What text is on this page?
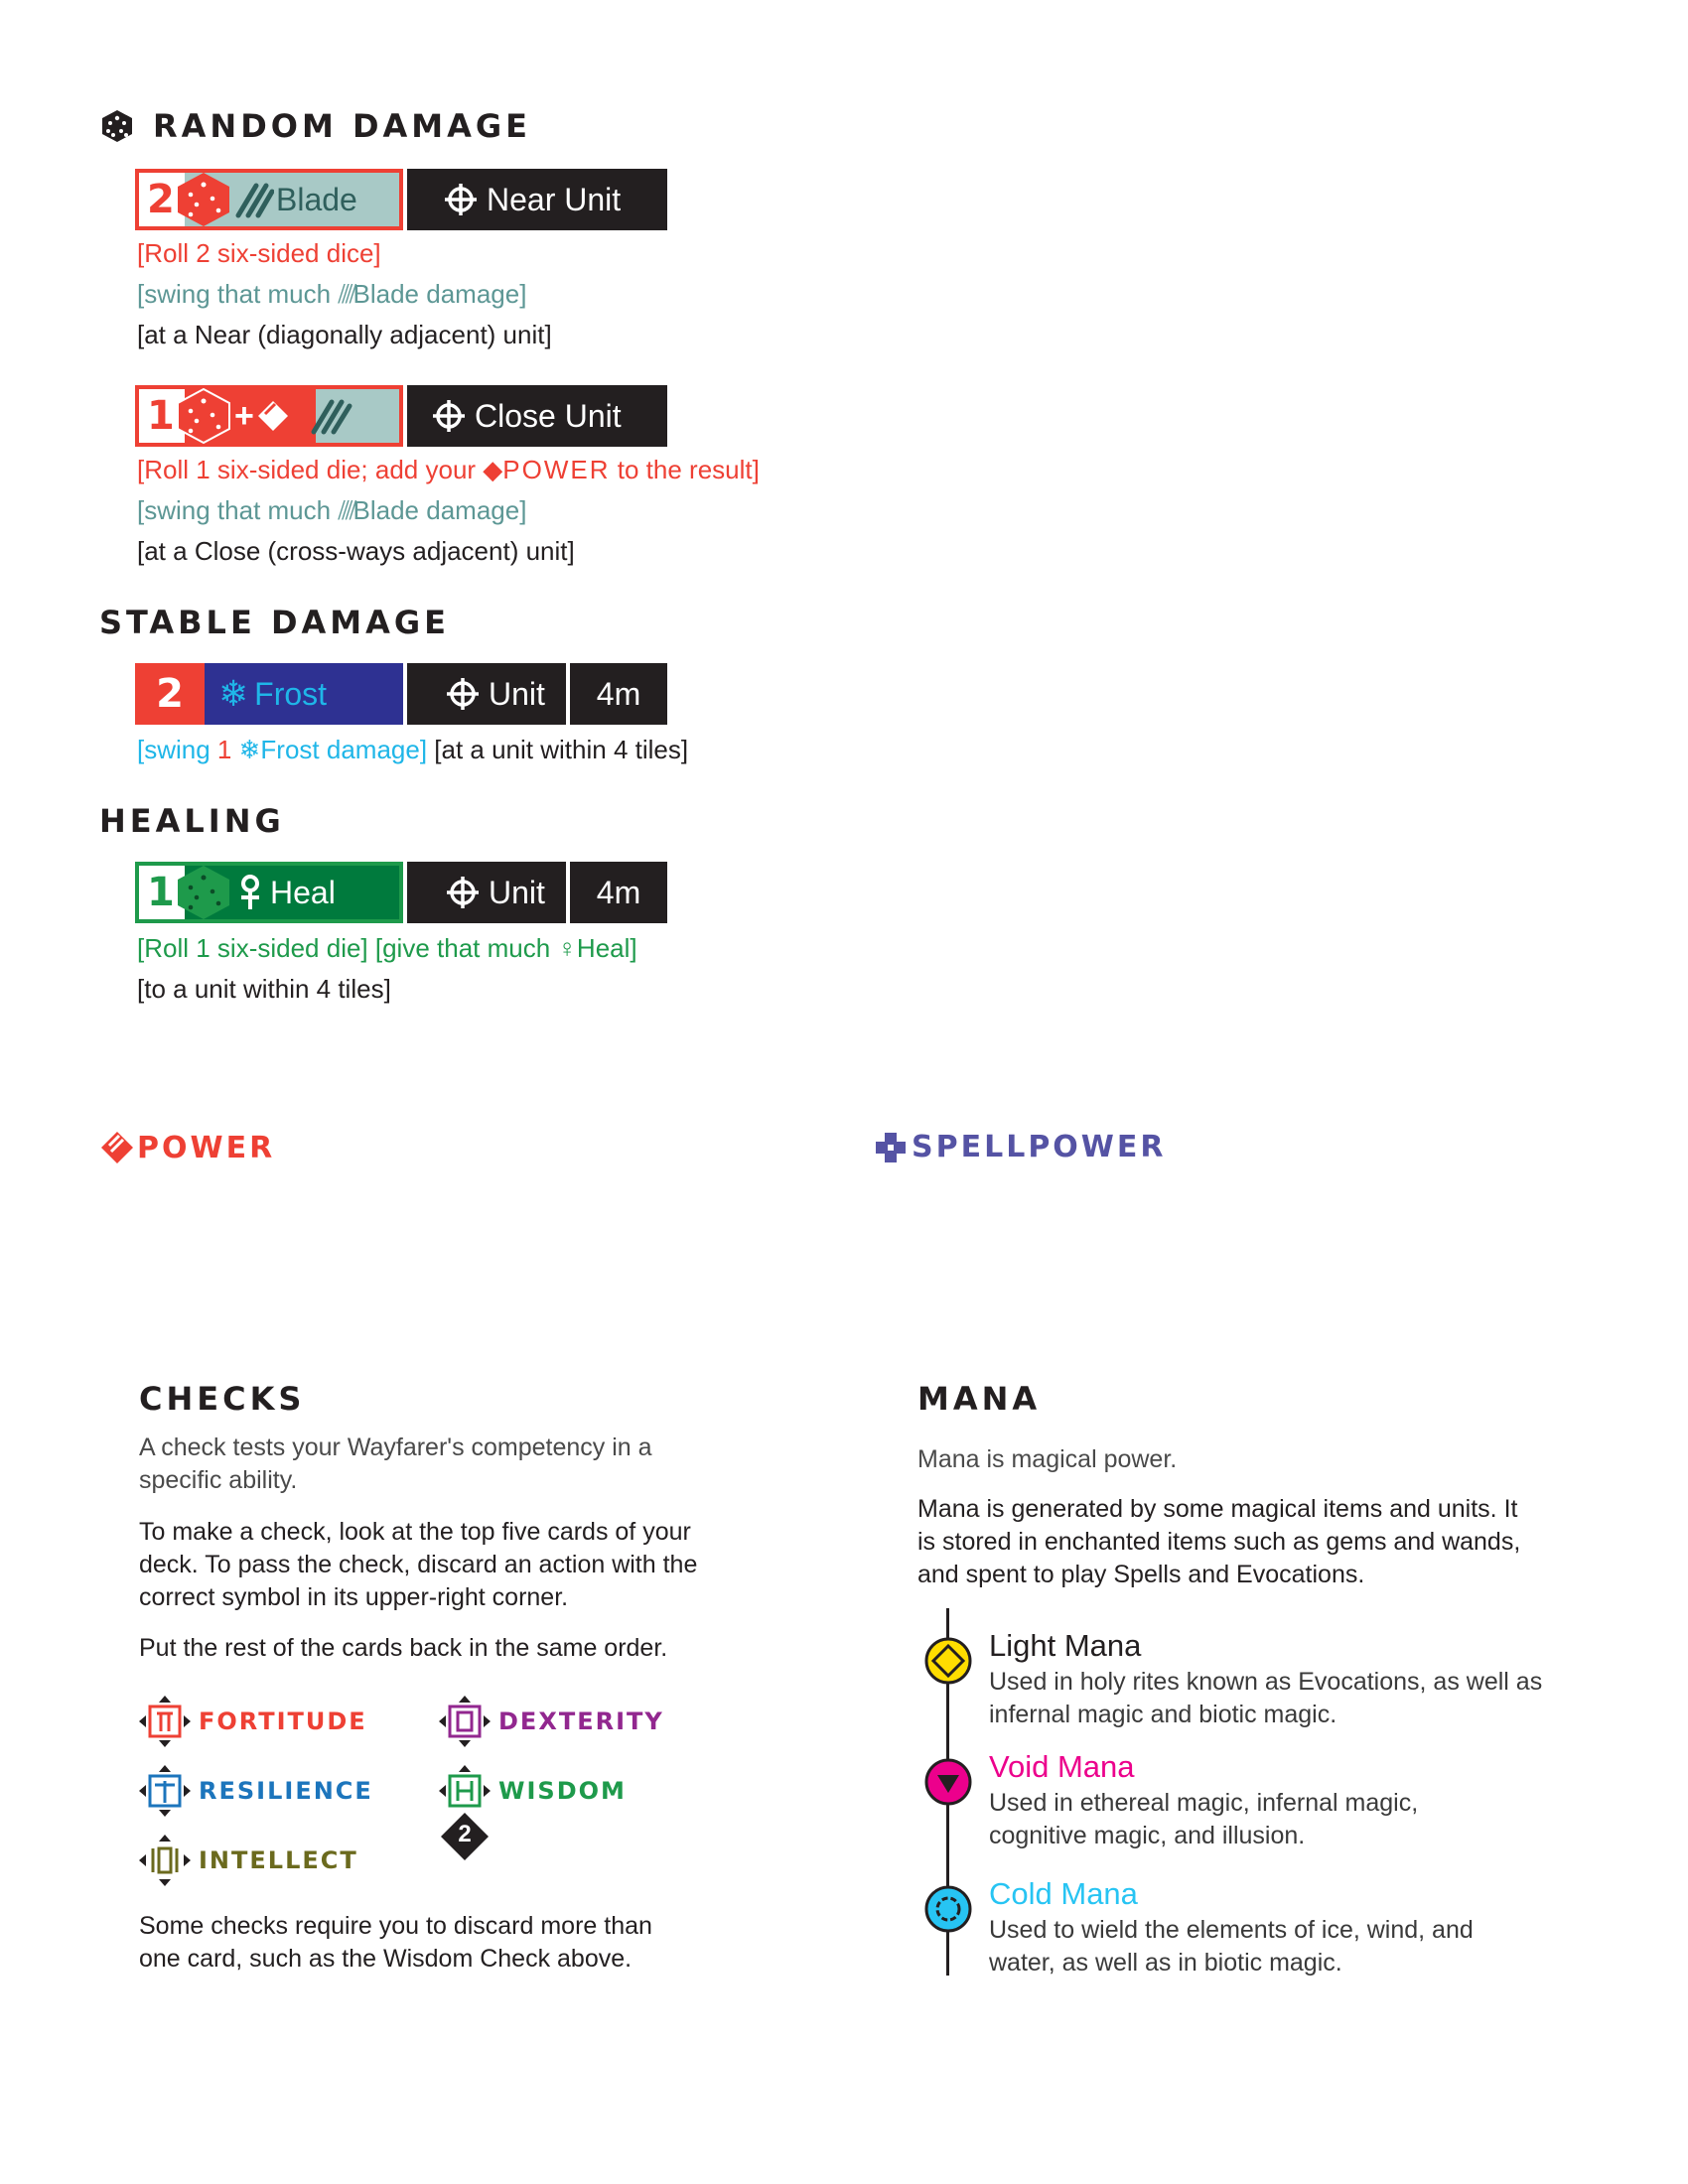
RANDOM DAMAGE
2	Blade	Near Unit
[Roll 2 six-sided dice]
[swing that much ⫽⫽Blade damage]
[at a Near (diagonally adjacent) unit]
1 +	Close Unit
[Roll 1 six-sided die; add your ◆POWER to the result]
[swing that much ⫽⫽Blade damage]
[at a Close (cross-ways adjacent) unit]
STABLE DAMAGE
2 ❄ Frost	Unit 4m
[swing 1 ❄Frost damage] [at a unit within 4 tiles]
HEALING
1	Heal	Unit 4m
[Roll 1 six-sided die] [give that much ♀Heal]
[to a unit within 4 tiles]
POWER	SPELLPOWER
CHECKS
A check tests your Wayfarer's competency in a specific ability.
To make a check, look at the top five cards of your deck. To pass the check, discard an action with the correct symbol in its upper-right corner.
Put the rest of the cards back in the same order.
FORTITUDE	DEXTERITY
RESILIENCE	WISDOM
2
INTELLECT
Some checks require you to discard more than one card, such as the Wisdom Check above.
MANA
Mana is magical power.
Mana is generated by some magical items and units. It is stored in enchanted items such as gems and wands, and spent to play Spells and Evocations.
Light Mana
Used in holy rites known as Evocations, as well as infernal magic and biotic magic.
Void Mana
Used in ethereal magic, infernal magic, cognitive magic, and illusion.
Cold Mana
Used to wield the elements of ice, wind, and water, as well as in biotic magic.
